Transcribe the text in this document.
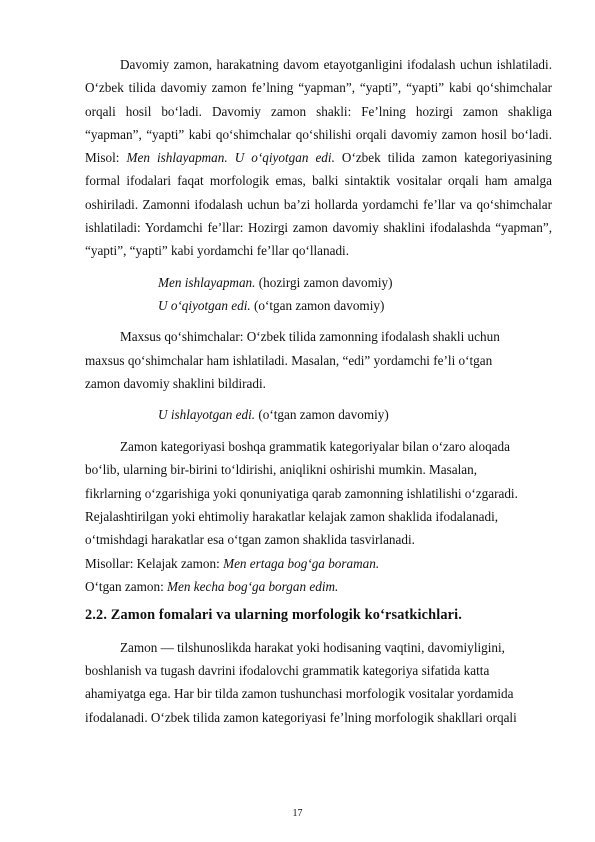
Davomiy zamon, harakatning davom etayotganligini ifodalash uchun ishlatiladi. O‘zbek tilida davomiy zamon fe’lning “yapman”, “yapti”, “yapti” kabi qo‘shimchalar orqali hosil bo‘ladi. Davomiy zamon shakli: Fe’lning hozirgi zamon shakliga “yapman”, “yapti” kabi qo‘shimchalar qo‘shilishi orqali davomiy zamon hosil bo‘ladi. Misol: Men ishlayapman. U o‘qiyotgan edi. O‘zbek tilida zamon kategoriyasining formal ifodalari faqat morfologik emas, balki sintaktik vositalar orqali ham amalga oshiriladi. Zamonni ifodalash uchun ba’zi hollarda yordamchi fe’llar va qo‘shimchalar ishlatiladi: Yordamchi fe’llar: Hozirgi zamon davomiy shaklini ifodalashda “yapman”, “yapti”, “yapti” kabi yordamchi fe’llar qo‘llanadi.

Men ishlayapman. (hozirgi zamon davomiy)

U o‘qiyotgan edi. (o‘tgan zamon davomiy)

Maxsus qo‘shimchalar: O‘zbek tilida zamonning ifodalash shakli uchun

maxsus qo‘shimchalar ham ishlatiladi. Masalan, “edi” yordamchi fe’li o‘tgan

zamon davomiy shaklini bildiradi.

U ishlayotgan edi. (o‘tgan zamon davomiy)

Zamon kategoriyasi boshqa grammatik kategoriyalar bilan o‘zaro aloqada

bo‘lib, ularning bir-birini to‘ldirishi, aniqlikni oshirishi mumkin. Masalan,

fikrlarning o‘zgarishiga yoki qonuniyatiga qarab zamonning ishlatilishi o‘zgaradi.

Rejalashtirilgan yoki ehtimoliy harakatlar kelajak zamon shaklida ifodalanadi,

o‘tmishdagi harakatlar esa o‘tgan zamon shaklida tasvirlanadi.

Misollar: Kelajak zamon: Men ertaga bog‘ga boraman.

O‘tgan zamon: Men kecha bog‘ga borgan edim.

2.2. Zamon fomalari va ularning morfologik ko‘rsatkichlari.

Zamon — tilshunoslikda harakat yoki hodisaning vaqtini, davomiyligini,

boshlanish va tugash davrini ifodalovchi grammatik kategoriya sifatida katta

ahamiyatga ega. Har bir tilda zamon tushunchasi morfologik vositalar yordamida

ifodalanadi. O‘zbek tilida zamon kategoriyasi fe’lning morfologik shakllari orqali

17
